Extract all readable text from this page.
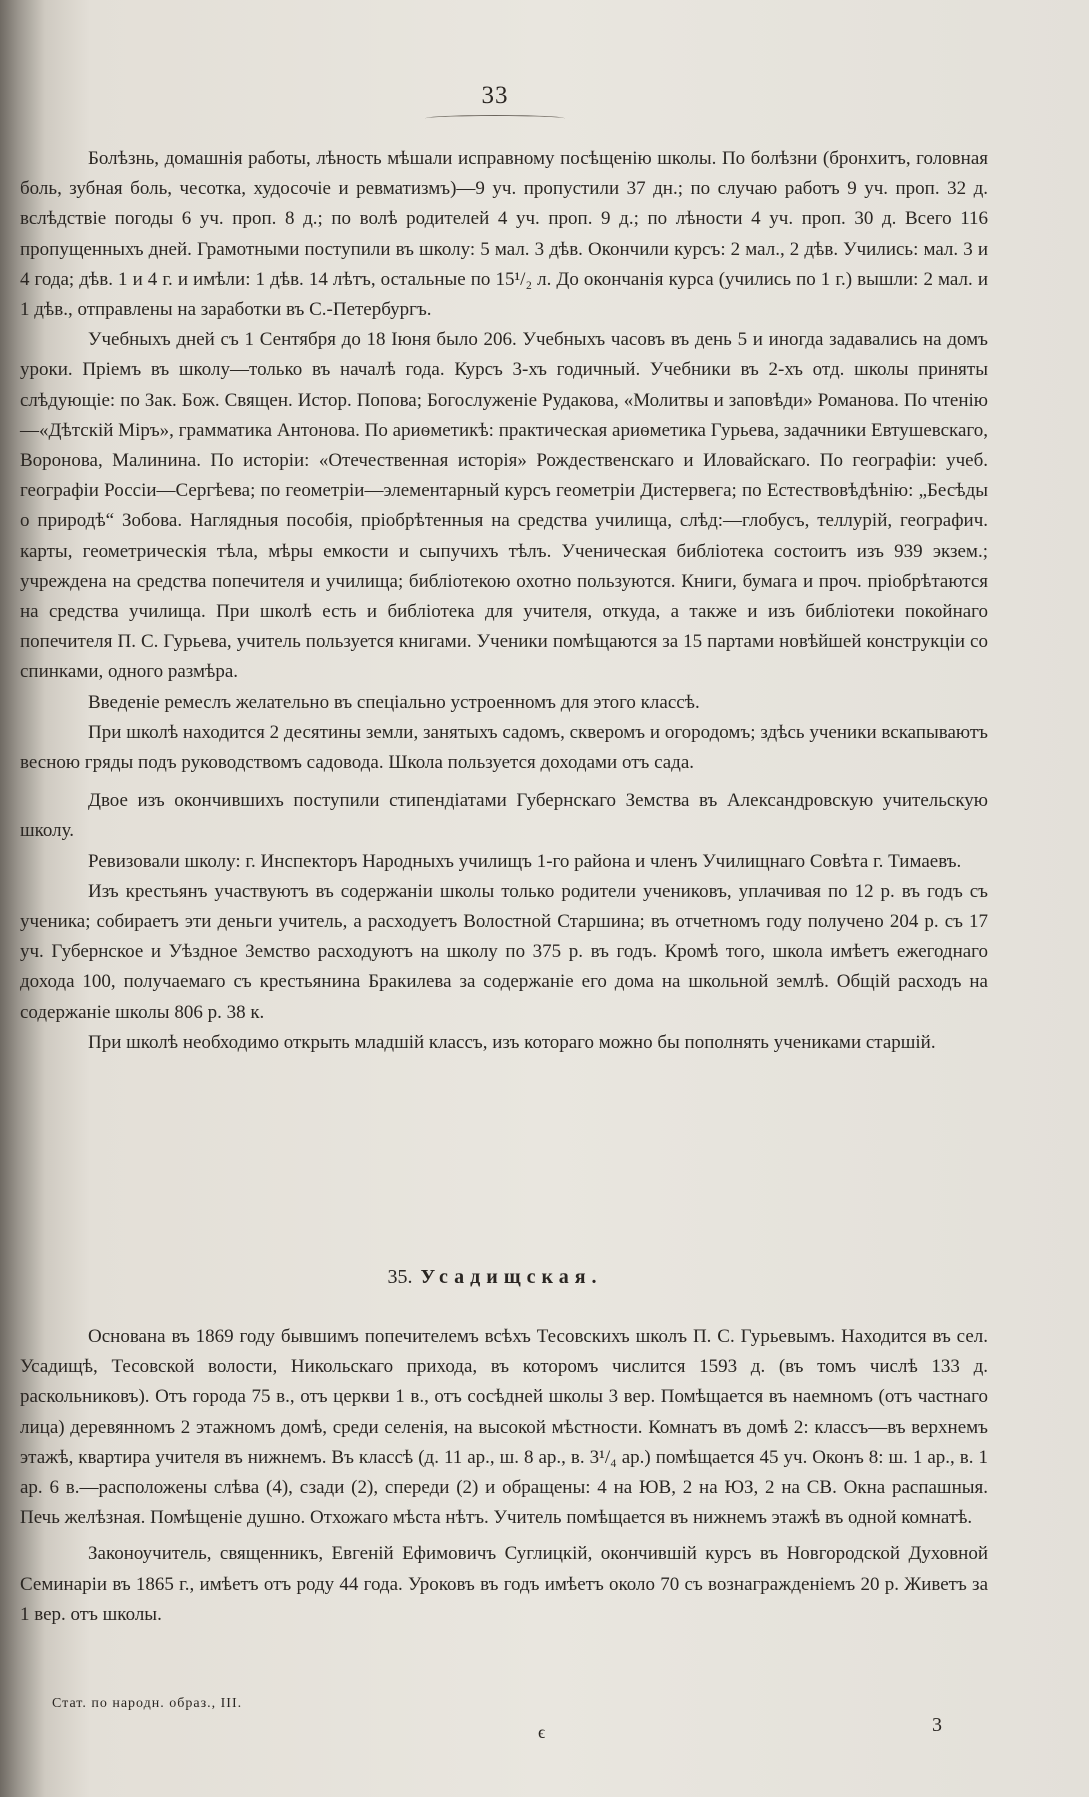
33

Болѣзнь, домашнія работы, лѣность мѣшали исправному посѣщенію школы. По болѣзни (бронхитъ, головная боль, зубная боль, чесотка, худосочіе и ревматизмъ)—9 уч. пропустили 37 дн.; по случаю работъ 9 уч. проп. 32 д. вслѣдствіе погоды 6 уч. проп. 8 д.; по волѣ родителей 4 уч. проп. 9 д.; по лѣности 4 уч. проп. 30 д. Всего 116 пропущенныхъ дней. Грамотными поступили въ школу: 5 мал. 3 дѣв. Окончили курсъ: 2 мал., 2 дѣв. Учились: мал. 3 и 4 года; дѣв. 1 и 4 г. и имѣли: 1 дѣв. 14 лѣтъ, остальные по 15¹/₂ л. До окончанія курса (учились по 1 г.) вышли: 2 мал. и 1 дѣв., отправлены на заработки въ С.-Петербургъ.

Учебныхъ дней съ 1 Сентября до 18 Іюня было 206. Учебныхъ часовъ въ день 5 и иногда задавались на домъ уроки. Пріемъ въ школу—только въ началѣ года. Курсъ 3-хъ годичный. Учебники въ 2-хъ отд. школы приняты слѣдующіе: по Зак. Бож. Священ. Истор. Попова; Богослуженіе Рудакова, «Молитвы и заповѣди» Романова. По чтенію—«Дѣтскій Міръ», грамматика Антонова. По ариѳметикѣ: практическая ариѳметика Гурьева, задачники Евтушевскаго, Воронова, Малинина. По исторіи: «Отечественная исторія» Рождественскаго и Иловайскаго. По географіи: учеб. географіи Россіи—Сергѣева; по геометріи—элементарный курсъ геометріи Дистервега; по Естествовѣдѣнію: „Бесѣды о природѣ“ Зобова. Наглядныя пособія, пріобрѣтенныя на средства училища, слѣд:—глобусъ, теллурій, географич. карты, геометрическія тѣла, мѣры емкости и сыпучихъ тѣлъ. Ученическая библіотека состоитъ изъ 939 экзем.; учреждена на средства попечителя и училища; библіотекою охотно пользуются. Книги, бумага и проч. пріобрѣтаются на средства училища. При школѣ есть и библіотека для учителя, откуда, а также и изъ библіотеки покойнаго попечителя П. С. Гурьева, учитель пользуется книгами. Ученики помѣщаются за 15 партами новѣйшей конструкціи со спинками, одного размѣра.

Введеніе ремеслъ желательно въ спеціально устроенномъ для этого классѣ.

При школѣ находится 2 десятины земли, занятыхъ садомъ, скверомъ и огородомъ; здѣсь ученики вскапываютъ весною гряды подъ руководствомъ садовода. Школа пользуется доходами отъ сада.

Двое изъ окончившихъ поступили стипендіатами Губернскаго Земства въ Александровскую учительскую школу.

Ревизовали школу: г. Инспекторъ Народныхъ училищъ 1-го района и членъ Училищнаго Совѣта г. Тимаевъ.

Изъ крестьянъ участвуютъ въ содержаніи школы только родители учениковъ, уплачивая по 12 р. въ годъ съ ученика; собираетъ эти деньги учитель, а расходуетъ Волостной Старшина; въ отчетномъ году получено 204 р. съ 17 уч. Губернское и Уѣздное Земство расходуютъ на школу по 375 р. въ годъ. Кромѣ того, школа имѣетъ ежегоднаго дохода 100, получаемаго съ крестьянина Бракилева за содержаніе его дома на школьной землѣ. Общій расходъ на содержаніе школы 806 р. 38 к.

При школѣ необходимо открыть младшій классъ, изъ котораго можно бы пополнять учениками старшій.

35. Усадищская.

Основана въ 1869 году бывшимъ попечителемъ всѣхъ Тесовскихъ школъ П. С. Гурьевымъ. Находится въ сел. Усадищѣ, Тесовской волости, Никольскаго прихода, въ которомъ числится 1593 д. (въ томъ числѣ 133 д. раскольниковъ). Отъ города 75 в., отъ церкви 1 в., отъ сосѣдней школы 3 вер. Помѣщается въ наемномъ (отъ частнаго лица) деревянномъ 2 этажномъ домѣ, среди селенія, на высокой мѣстности. Комнатъ въ домѣ 2: классъ—въ верхнемъ этажѣ, квартира учителя въ нижнемъ. Въ классѣ (д. 11 ар., ш. 8 ар., в. 3¹/₄ ар.) помѣщается 45 уч. Оконъ 8: ш. 1 ар., в. 1 ар. 6 в.—расположены слѣва (4), сзади (2), спереди (2) и обращены: 4 на ЮВ, 2 на ЮЗ, 2 на СВ. Окна распашныя. Печь желѣзная. Помѣщеніе душно. Отхожаго мѣста нѣтъ. Учитель помѣщается въ нижнемъ этажѣ въ одной комнатѣ.

Законоучитель, священникъ, Евгеній Ефимовичъ Суглицкій, окончившій курсъ въ Новгородской Духовной Семинаріи въ 1865 г., имѣетъ отъ роду 44 года. Уроковъ въ годъ имѣетъ около 70 съ вознагражденіемъ 20 р. Живетъ за 1 вер. отъ школы.

Стат. по народн. образ., III.
ϵ	3
